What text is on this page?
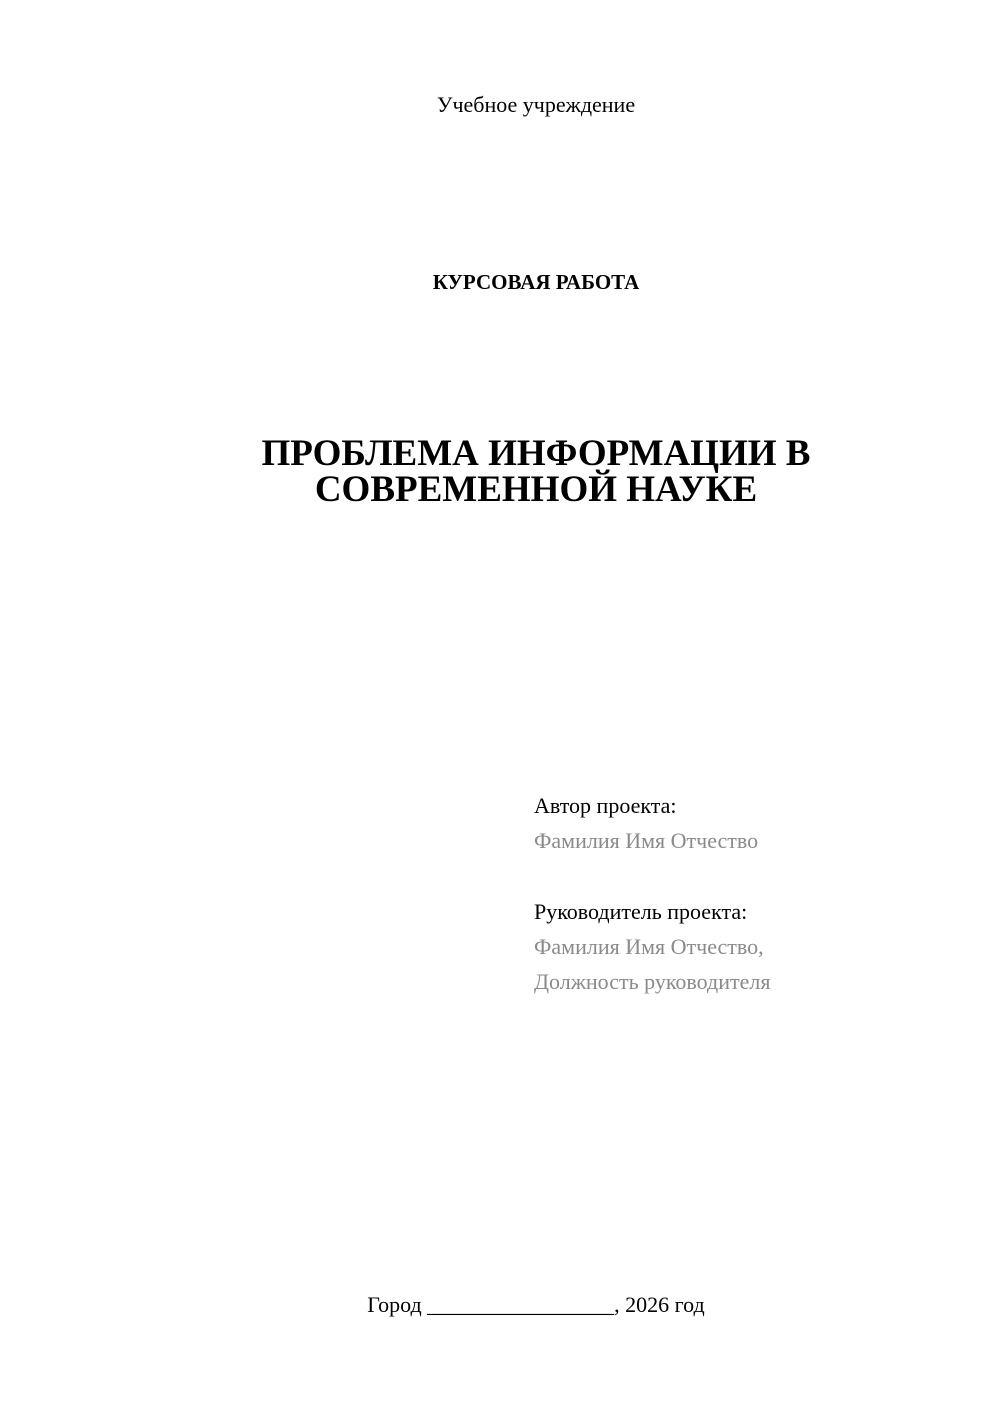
Учебное учреждение
КУРСОВАЯ РАБОТА
ПРОБЛЕМА ИНФОРМАЦИИ В
СОВРЕМЕННОЙ НАУКЕ
Автор проекта:
Фамилия Имя Отчество
Руководитель проекта:
Фамилия Имя Отчество,
Должность руководителя
Город _________________, 2026 год
